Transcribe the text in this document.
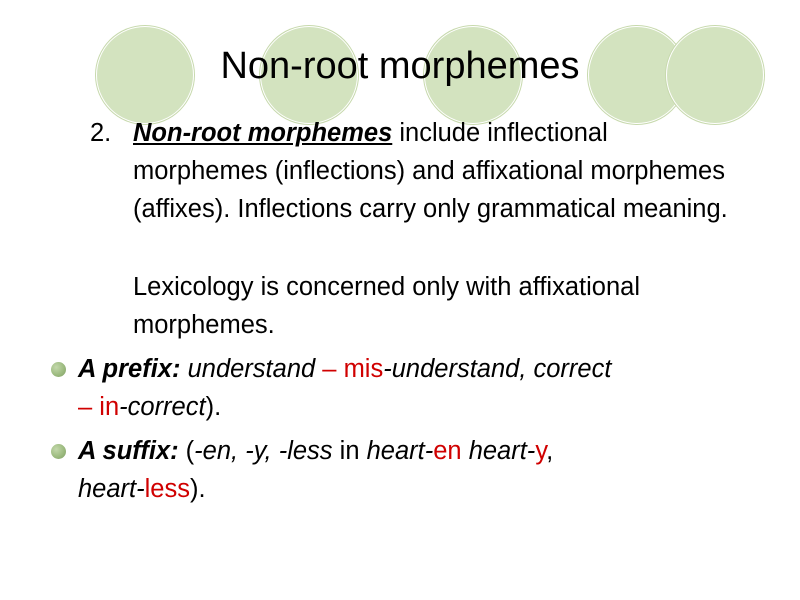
Non-root morphemes
2. Non-root morphemes include inflectional morphemes (inflections) and affixational morphemes (affixes). Inflections carry only grammatical meaning.

Lexicology is concerned only with affixational morphemes.

A prefix: understand – mis-understand, correct
– in-correct).

A suffix: (-en, -y, -less in heart-en heart-y,
heart-less).
